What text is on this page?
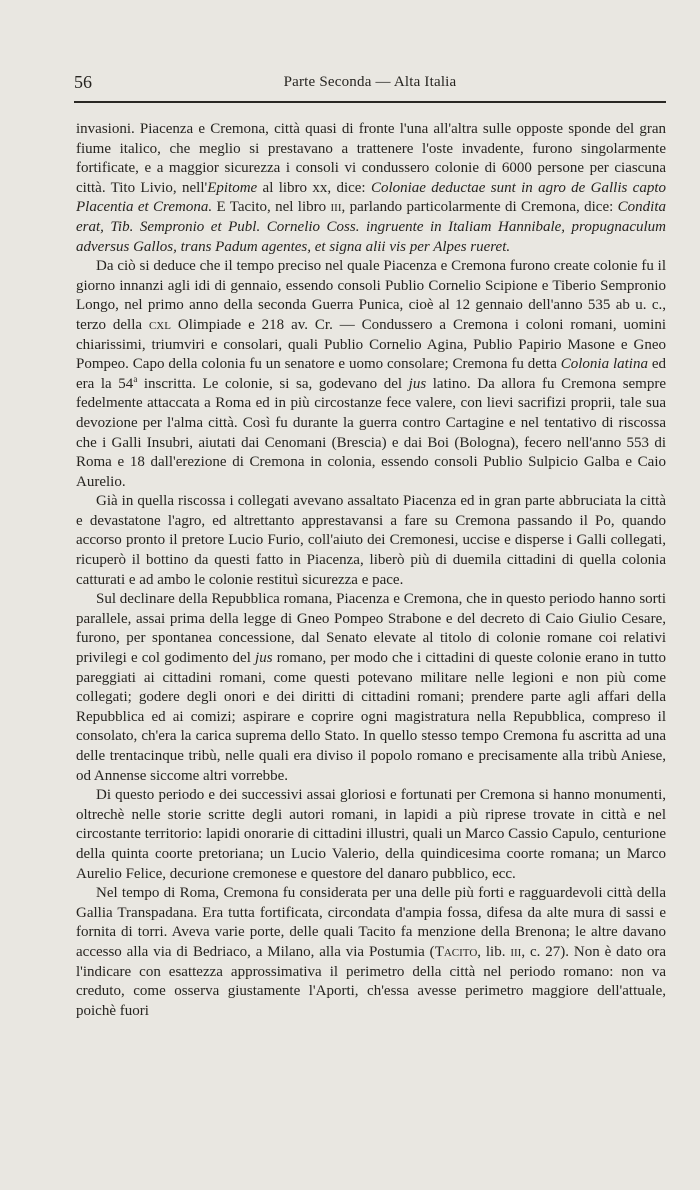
56	Parte Seconda — Alta Italia

invasioni. Piacenza e Cremona, città quasi di fronte l'una all'altra sulle opposte sponde del gran fiume italico, che meglio si prestavano a trattenere l'oste invadente, furono singolarmente fortificate, e a maggior sicurezza i consoli vi condussero colonie di 6000 persone per ciascuna città. Tito Livio, nell'Epitome al libro xx, dice: Coloniae deductae sunt in agro de Gallis capto Placentia et Cremona. E Tacito, nel libro iii, parlando particolarmente di Cremona, dice: Condita erat, Tib. Sempronio et Publ. Cornelio Coss. ingruente in Italiam Hannibale, propugnaculum adversus Gallos, trans Padum agentes, et signa alii vis per Alpes rueret.

Da ciò si deduce che il tempo preciso nel quale Piacenza e Cremona furono create colonie fu il giorno innanzi agli idi di gennaio, essendo consoli Publio Cornelio Scipione e Tiberio Sempronio Longo, nel primo anno della seconda Guerra Punica, cioè al 12 gennaio dell'anno 535 ab u. c., terzo della cxl Olimpiade e 218 av. Cr. — Condussero a Cremona i coloni romani, uomini chiarissimi, triumviri e consolari, quali Publio Cornelio Agina, Publio Papirio Masone e Gneo Pompeo. Capo della colonia fu un senatore e uomo consolare; Cremona fu detta Colonia latina ed era la 54$^a$ inscritta. Le colonie, si sa, godevano del jus latino. Da allora fu Cremona sempre fedelmente attaccata a Roma ed in più circostanze fece valere, con lievi sacrifizi proprii, tale sua devozione per l'alma città. Così fu durante la guerra contro Cartagine e nel tentativo di riscossa che i Galli Insubri, aiutati dai Cenomani (Brescia) e dai Boi (Bologna), fecero nell'anno 553 di Roma e 18 dall'erezione di Cremona in colonia, essendo consoli Publio Sulpicio Galba e Caio Aurelio.

Già in quella riscossa i collegati avevano assaltato Piacenza ed in gran parte abbruciata la città e devastatone l'agro, ed altrettanto apprestavansi a fare su Cremona passando il Po, quando accorso pronto il pretore Lucio Furio, coll'aiuto dei Cremonesi, uccise e disperse i Galli collegati, ricuperò il bottino da questi fatto in Piacenza, liberò più di duemila cittadini di quella colonia catturati e ad ambo le colonie restituì sicurezza e pace.

Sul declinare della Repubblica romana, Piacenza e Cremona, che in questo periodo hanno sorti parallele, assai prima della legge di Gneo Pompeo Strabone e del decreto di Caio Giulio Cesare, furono, per spontanea concessione, dal Senato elevate al titolo di colonie romane coi relativi privilegi e col godimento del jus romano, per modo che i cittadini di queste colonie erano in tutto pareggiati ai cittadini romani, come questi potevano militare nelle legioni e non più come collegati; godere degli onori e dei diritti di cittadini romani; prendere parte agli affari della Repubblica ed ai comizi; aspirare e coprire ogni magistratura nella Repubblica, compreso il consolato, ch'era la carica suprema dello Stato. In quello stesso tempo Cremona fu ascritta ad una delle trentacinque tribù, nelle quali era diviso il popolo romano e precisamente alla tribù Aniese, od Annense siccome altri vorrebbe.

Di questo periodo e dei successivi assai gloriosi e fortunati per Cremona si hanno monumenti, oltrechè nelle storie scritte degli autori romani, in lapidi a più riprese trovate in città e nel circostante territorio: lapidi onorarie di cittadini illustri, quali un Marco Cassio Capulo, centurione della quinta coorte pretoriana; un Lucio Valerio, della quindicesima coorte romana; un Marco Aurelio Felice, decurione cremonese e questore del danaro pubblico, ecc.

Nel tempo di Roma, Cremona fu considerata per una delle più forti e ragguardevoli città della Gallia Transpadana. Era tutta fortificata, circondata d'ampia fossa, difesa da alte mura di sassi e fornita di torri. Aveva varie porte, delle quali Tacito fa menzione della Brenona; le altre davano accesso alla via di Bedriaco, a Milano, alla via Postumia (Tacito, lib. iii, c. 27). Non è dato ora l'indicare con esattezza approssimativa il perimetro della città nel periodo romano: non va creduto, come osserva giustamente l'Aporti, ch'essa avesse perimetro maggiore dell'attuale, poichè fuori
